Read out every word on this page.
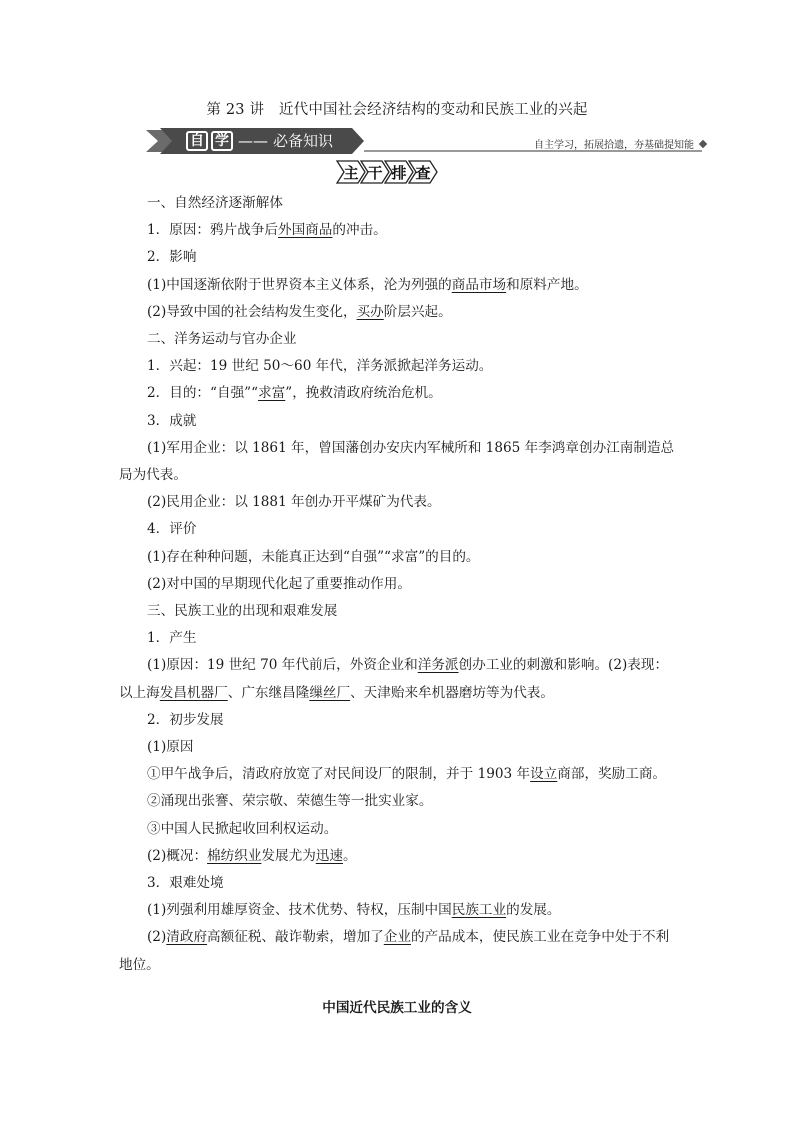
第 23 讲　近代中国社会经济结构的变动和民族工业的兴起
自 学 —— 必备知识	自主学习，拓展拾遗，夯基础提知能
主 干 排 查

一、自然经济逐渐解体

1．原因：鸦片战争后外国商品的冲击。

2．影响

(1)中国逐渐依附于世界资本主义体系，沦为列强的商品市场和原料产地。

(2)导致中国的社会结构发生变化，买办阶层兴起。

二、洋务运动与官办企业

1．兴起：19 世纪 50～60 年代，洋务派掀起洋务运动。

2．目的：“自强”“求富”，挽救清政府统治危机。

3．成就

(1)军用企业：以 1861 年，曾国藩创办安庆内军械所和 1865 年李鸿章创办江南制造总局为代表。

(2)民用企业：以 1881 年创办开平煤矿为代表。

4．评价

(1)存在种种问题，未能真正达到“自强”“求富”的目的。

(2)对中国的早期现代化起了重要推动作用。

三、民族工业的出现和艰难发展

1．产生

(1)原因：19 世纪 70 年代前后，外资企业和洋务派创办工业的刺激和影响。(2)表现：以上海发昌机器厂、广东继昌隆缫丝厂、天津贻来牟机器磨坊等为代表。

2．初步发展

(1)原因

①甲午战争后，清政府放宽了对民间设厂的限制，并于 1903 年设立商部，奖励工商。

②涌现出张謇、荣宗敬、荣德生等一批实业家。

③中国人民掀起收回利权运动。

(2)概况：棉纺织业发展尤为迅速。

3．艰难处境

(1)列强利用雄厚资金、技术优势、特权，压制中国民族工业的发展。

(2)清政府高额征税、敲诈勒索，增加了企业的产品成本，使民族工业在竞争中处于不利地位。

中国近代民族工业的含义
